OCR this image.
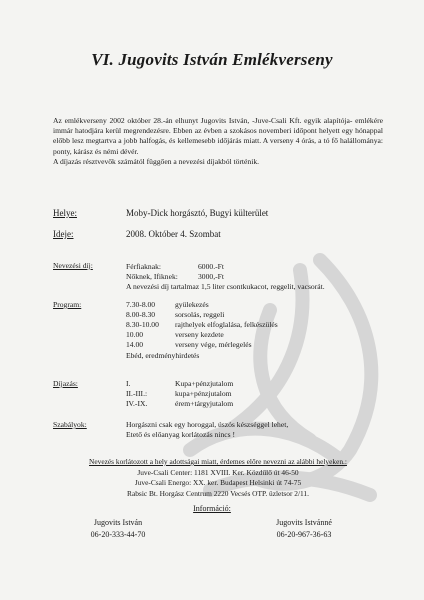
VI. Jugovits István Emlékverseny

Az emlékverseny 2002 október 28.-án elhunyt Jugovits István, -Juve-Csali Kft. egyik alapítója- emlékére immár hatodjára kerül megrendezésre. Ebben az évben a szokásos novemberi időpont helyett egy hónappal előbb lesz megtartva a jobb halfogás, és kellemesebb időjárás miatt. A verseny 4 órás, a tó fő halállománya: ponty, kárász és némi dévér.

A díjazás résztvevők számától függően a nevezési díjakból történik.

Helye:	Moby-Dick horgásztó, Bugyi külterület
Ideje:	2008. Október 4. Szombat
Nevezési díj:	Férfiaknak:	6000.-Ft
Nőknek, Ifiknek:	3000,-Ft
A nevezési díj tartalmaz 1,5 liter csontkukacot, reggelit, vacsorát.
Program:	7.30-8.00	gyülekezés
8.00-8.30	sorsolás, reggeli
8.30-10.00 rajthelyek elfoglalása, felkészülés
10.00	verseny kezdete
14.00	verseny vége, mérlegelés
Ebéd, eredményhirdetés
Díjazás:	I.	Kupa+pénzjutalom
II.-III.:	kupa+pénzjutalom
IV.-IX.	érem+tárgyjutalom
Szabályok:	Horgászni csak egy horoggal, úszós készséggel lehet,
Etető és előanyag korlátozás nincs !
Nevezés korlátozott a hely adottságai miatt, érdemes előre nevezni az alábbi helyeken.:
Juve-Csali Center: 1181 XVIII. Ker. Közdűlő út 46-50
Juve-Csali Energo: XX. ker. Budapest Helsinki út 74-75
Rabsic Bt. Horgász Centrum 2220 Vecsés OTP. üzletsor 2/11.
Információ:
Jugovits István
06-20-333-44-70
Jugovits Istvánné
06-20-967-36-63
